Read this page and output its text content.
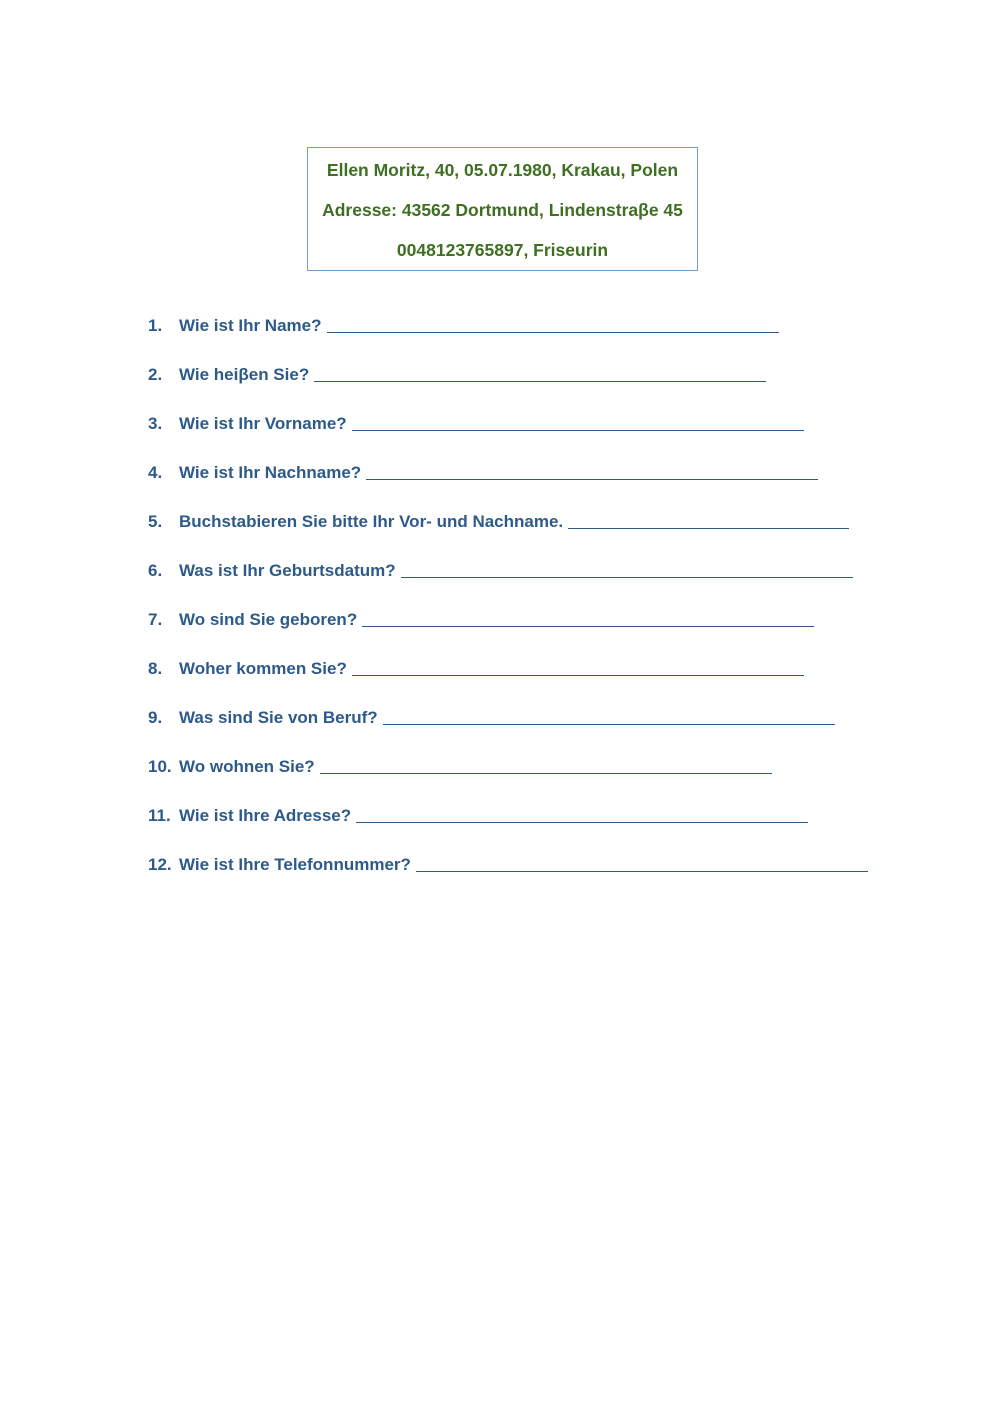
Ellen Moritz, 40, 05.07.1980, Krakau, Polen
Adresse: 43562 Dortmund, Lindenstraβe 45
0048123765897, Friseurin
1. Wie ist Ihr Name?
2. Wie heiβen Sie?
3. Wie ist Ihr Vorname?
4. Wie ist Ihr Nachname?
5. Buchstabieren Sie bitte Ihr Vor- und Nachname.
6. Was ist Ihr Geburtsdatum?
7. Wo sind Sie geboren?
8. Woher kommen Sie?
9. Was sind Sie von Beruf?
10. Wo wohnen Sie?
11. Wie ist Ihre Adresse?
12. Wie ist Ihre Telefonnummer?
